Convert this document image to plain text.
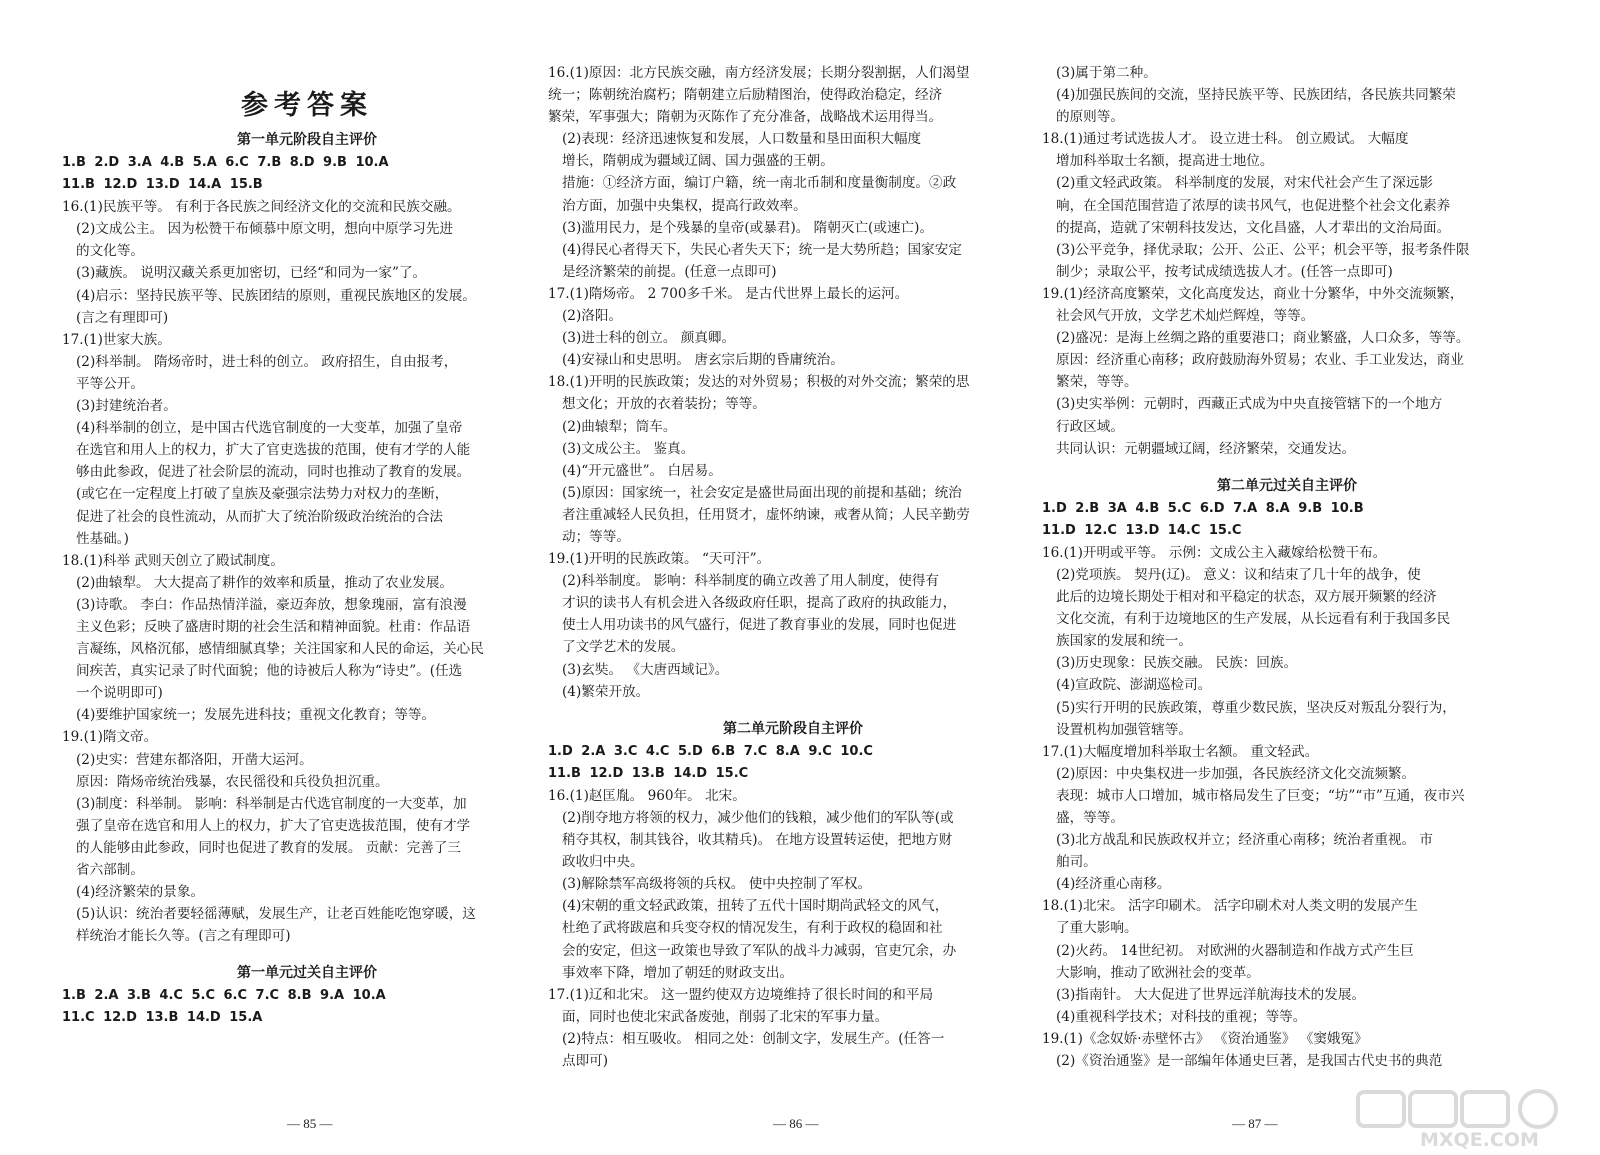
参考答案
第一单元阶段自主评价
1.B 2.D 3.A 4.B 5.A 6.C 7.B 8.D 9.B 10.A
11.B 12.D 13.D 14.A 15.B
16.(1)民族平等。 有利于各民族之间经济文化的交流和民族交融。
(2)文成公主。 因为松赞干布倾慕中原文明，想向中原学习先进
的文化等。
(3)藏族。 说明汉藏关系更加密切，已经“和同为一家”了。
(4)启示：坚持民族平等、民族团结的原则，重视民族地区的发展。
(言之有理即可)
17.(1)世家大族。
(2)科举制。 隋炀帝时，进士科的创立。 政府招生，自由报考，
平等公开。
(3)封建统治者。
(4)科举制的创立，是中国古代选官制度的一大变革，加强了皇帝
在选官和用人上的权力，扩大了官吏选拔的范围，使有才学的人能
够由此参政，促进了社会阶层的流动，同时也推动了教育的发展。
(或它在一定程度上打破了皇族及豪强宗法势力对权力的垄断，
促进了社会的良性流动，从而扩大了统治阶级政治统治的合法
性基础。)
18.(1)科举 武则天创立了殿试制度。
(2)曲辕犁。 大大提高了耕作的效率和质量，推动了农业发展。
(3)诗歌。 李白：作品热情洋溢，豪迈奔放，想象瑰丽，富有浪漫
主义色彩；反映了盛唐时期的社会生活和精神面貌。杜甫：作品语
言凝练，风格沉郁，感情细腻真挚；关注国家和人民的命运，关心民
间疾苦，真实记录了时代面貌；他的诗被后人称为“诗史”。(任选
一个说明即可)
(4)要维护国家统一；发展先进科技；重视文化教育；等等。
19.(1)隋文帝。
(2)史实：营建东都洛阳，开凿大运河。
原因：隋炀帝统治残暴，农民徭役和兵役负担沉重。
(3)制度：科举制。 影响：科举制是古代选官制度的一大变革，加
强了皇帝在选官和用人上的权力，扩大了官吏选拔范围，使有才学
的人能够由此参政，同时也促进了教育的发展。 贡献：完善了三
省六部制。
(4)经济繁荣的景象。
(5)认识：统治者要轻徭薄赋，发展生产，让老百姓能吃饱穿暖，这
样统治才能长久等。(言之有理即可)
第一单元过关自主评价
1.B 2.A 3.B 4.C 5.C 6.C 7.C 8.B 9.A 10.A
11.C 12.D 13.B 14.D 15.A
16.(1)原因：北方民族交融，南方经济发展；长期分裂割据，人们渴望
统一；陈朝统治腐朽；隋朝建立后励精图治，使得政治稳定，经济
繁荣，军事强大；隋朝为灭陈作了充分准备，战略战术运用得当。
(2)表现：经济迅速恢复和发展，人口数量和垦田面积大幅度
增长，隋朝成为疆域辽阔、国力强盛的王朝。
措施：①经济方面，编订户籍，统一南北币制和度量衡制度。②政
治方面，加强中央集权，提高行政效率。
(3)滥用民力，是个残暴的皇帝(或暴君)。 隋朝灭亡(或速亡)。
(4)得民心者得天下，失民心者失天下；统一是大势所趋；国家安定
是经济繁荣的前提。(任意一点即可)
17.(1)隋炀帝。 2 700多千米。 是古代世界上最长的运河。
(2)洛阳。
(3)进士科的创立。 颜真卿。
(4)安禄山和史思明。 唐玄宗后期的昏庸统治。
18.(1)开明的民族政策；发达的对外贸易；积极的对外交流；繁荣的思
想文化；开放的衣着装扮；等等。
(2)曲辕犁；筒车。
(3)文成公主。 鉴真。
(4)“开元盛世”。 白居易。
(5)原因：国家统一，社会安定是盛世局面出现的前提和基础；统治
者注重减轻人民负担，任用贤才，虚怀纳谏，戒奢从简；人民辛勤劳
动；等等。
19.(1)开明的民族政策。 “天可汗”。
(2)科举制度。 影响：科举制度的确立改善了用人制度，使得有
才识的读书人有机会进入各级政府任职，提高了政府的执政能力，
使士人用功读书的风气盛行，促进了教育事业的发展，同时也促进
了文学艺术的发展。
(3)玄奘。 《大唐西域记》。
(4)繁荣开放。
第二单元阶段自主评价
1.D 2.A 3.C 4.C 5.D 6.B 7.C 8.A 9.C 10.C
11.B 12.D 13.B 14.D 15.C
16.(1)赵匡胤。 960年。 北宋。
(2)削夺地方将领的权力，减少他们的钱粮，减少他们的军队等(或
稍夺其权，制其钱谷，收其精兵)。 在地方设置转运使，把地方财
政收归中央。
(3)解除禁军高级将领的兵权。 使中央控制了军权。
(4)宋朝的重文轻武政策，扭转了五代十国时期尚武轻文的风气，
杜绝了武将跋扈和兵变夺权的情况发生，有利于政权的稳固和社
会的安定，但这一政策也导致了军队的战斗力减弱，官吏冗余，办
事效率下降，增加了朝廷的财政支出。
17.(1)辽和北宋。 这一盟约使双方边境维持了很长时间的和平局
面，同时也使北宋武备废弛，削弱了北宋的军事力量。
(2)特点：相互吸收。 相同之处：创制文字，发展生产。(任答一
点即可)
(3)属于第二种。
(4)加强民族间的交流，坚持民族平等、民族团结，各民族共同繁荣
的原则等。
18.(1)通过考试选拔人才。 设立进士科。 创立殿试。 大幅度
增加科举取士名额，提高进士地位。
(2)重文轻武政策。 科举制度的发展，对宋代社会产生了深远影
响，在全国范围营造了浓厚的读书风气，也促进整个社会文化素养
的提高，造就了宋朝科技发达，文化昌盛，人才辈出的文治局面。
(3)公平竞争，择优录取；公开、公正、公平；机会平等，报考条件限
制少；录取公平，按考试成绩选拔人才。(任答一点即可)
19.(1)经济高度繁荣，文化高度发达，商业十分繁华，中外交流频繁，
社会风气开放，文学艺术灿烂辉煌，等等。
(2)盛况：是海上丝绸之路的重要港口；商业繁盛，人口众多，等等。
原因：经济重心南移；政府鼓励海外贸易；农业、手工业发达，商业
繁荣，等等。
(3)史实举例：元朝时，西藏正式成为中央直接管辖下的一个地方
行政区域。
共同认识：元朝疆域辽阔，经济繁荣，交通发达。
第二单元过关自主评价
1.D 2.B 3A 4.B 5.C 6.D 7.A 8.A 9.B 10.B
11.D 12.C 13.D 14.C 15.C
16.(1)开明或平等。 示例：文成公主入藏嫁给松赞干布。
(2)党项族。 契丹(辽)。 意义：议和结束了几十年的战争，使
此后的边境长期处于相对和平稳定的状态，双方展开频繁的经济
文化交流，有利于边境地区的生产发展，从长远看有利于我国多民
族国家的发展和统一。
(3)历史现象：民族交融。 民族：回族。
(4)宣政院、澎湖巡检司。
(5)实行开明的民族政策，尊重少数民族，坚决反对叛乱分裂行为，
设置机构加强管辖等。
17.(1)大幅度增加科举取士名额。 重文轻武。
(2)原因：中央集权进一步加强，各民族经济文化交流频繁。
表现：城市人口增加，城市格局发生了巨变；“坊”“市”互通，夜市兴
盛，等等。
(3)北方战乱和民族政权并立；经济重心南移；统治者重视。 市
舶司。
(4)经济重心南移。
18.(1)北宋。 活字印刷术。 活字印刷术对人类文明的发展产生
了重大影响。
(2)火药。 14世纪初。 对欧洲的火器制造和作战方式产生巨
大影响，推动了欧洲社会的变革。
(3)指南针。 大大促进了世界远洋航海技术的发展。
(4)重视科学技术；对科技的重视；等等。
19.(1)《念奴娇·赤壁怀古》 《资治通鉴》 《窦娥冤》
(2)《资治通鉴》是一部编年体通史巨著，是我国古代史书的典范
— 85 —	— 86 —	— 87 —
MXQE.COM
